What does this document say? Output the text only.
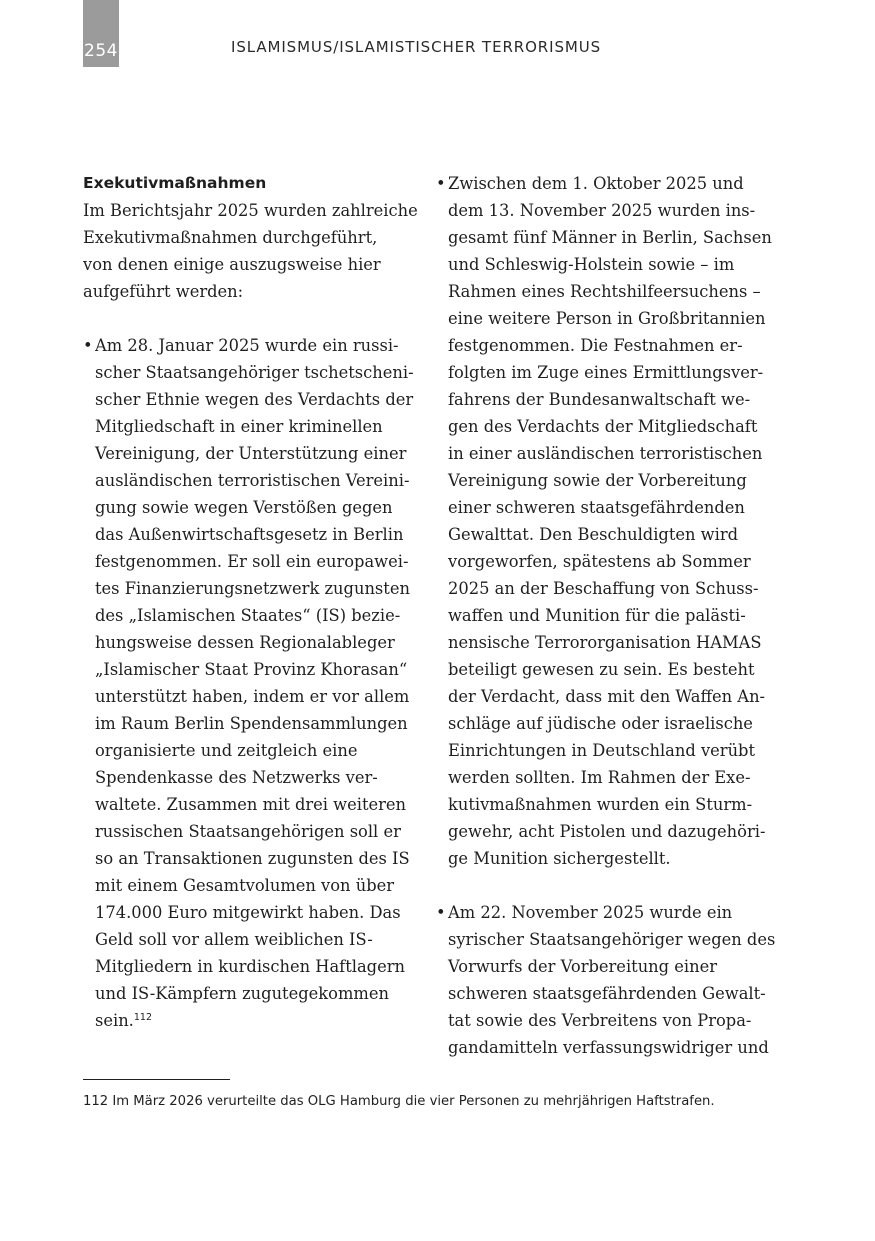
254	ISLAMISMUS/ISLAMISTISCHER TERRORISMUS
Exekutivmaßnahmen
Im Berichtsjahr 2025 wurden zahlreiche
Exekutivmaßnahmen durchgeführt,
von denen einige auszugsweise hier
aufgeführt werden:
• Am 28. Januar 2025 wurde ein russi-
scher Staatsangehöriger tschetscheni-
scher Ethnie wegen des Verdachts der
Mitgliedschaft in einer kriminellen
Vereinigung, der Unterstützung einer
ausländischen terroristischen Vereini-
gung sowie wegen Verstößen gegen
das Außenwirtschaftsgesetz in Berlin
festgenommen. Er soll ein europawei-
tes Finanzierungsnetzwerk zugunsten
des „Islamischen Staates“ (IS) bezie-
hungsweise dessen Regionalableger
„Islamischer Staat Provinz Khorasan“
unterstützt haben, indem er vor allem
im Raum Berlin Spendensammlungen
organisierte und zeitgleich eine
Spendenkasse des Netzwerks ver-
waltete. Zusammen mit drei weiteren
russischen Staatsangehörigen soll er
so an Transaktionen zugunsten des IS
mit einem Gesamtvolumen von über
174.000 Euro mitgewirkt haben. Das
Geld soll vor allem weiblichen IS-
Mitgliedern in kurdischen Haftlagern
und IS-Kämpfern zugutegekommen
sein.$^{112}$
• Zwischen dem 1. Oktober 2025 und
dem 13. November 2025 wurden ins-
gesamt fünf Männer in Berlin, Sachsen
und Schleswig-Holstein sowie – im
Rahmen eines Rechtshilfeersuchens –
eine weitere Person in Großbritannien
festgenommen. Die Festnahmen er-
folgten im Zuge eines Ermittlungsver-
fahrens der Bundesanwaltschaft we-
gen des Verdachts der Mitgliedschaft
in einer ausländischen terroristischen
Vereinigung sowie der Vorbereitung
einer schweren staatsgefährdenden
Gewalttat. Den Beschuldigten wird
vorgeworfen, spätestens ab Sommer
2025 an der Beschaffung von Schuss-
waffen und Munition für die palästi-
nensische Terrororganisation HAMAS
beteiligt gewesen zu sein. Es besteht
der Verdacht, dass mit den Waffen An-
schläge auf jüdische oder israelische
Einrichtungen in Deutschland verübt
werden sollten. Im Rahmen der Exe-
kutivmaßnahmen wurden ein Sturm-
gewehr, acht Pistolen und dazugehöri-
ge Munition sichergestellt.
• Am 22. November 2025 wurde ein
syrischer Staatsangehöriger wegen des
Vorwurfs der Vorbereitung einer
schweren staatsgefährdenden Gewalt-
tat sowie des Verbreitens von Propa-
gandamitteln verfassungswidriger und
112 Im März 2026 verurteilte das OLG Hamburg die vier Personen zu mehrjährigen Haftstrafen.
